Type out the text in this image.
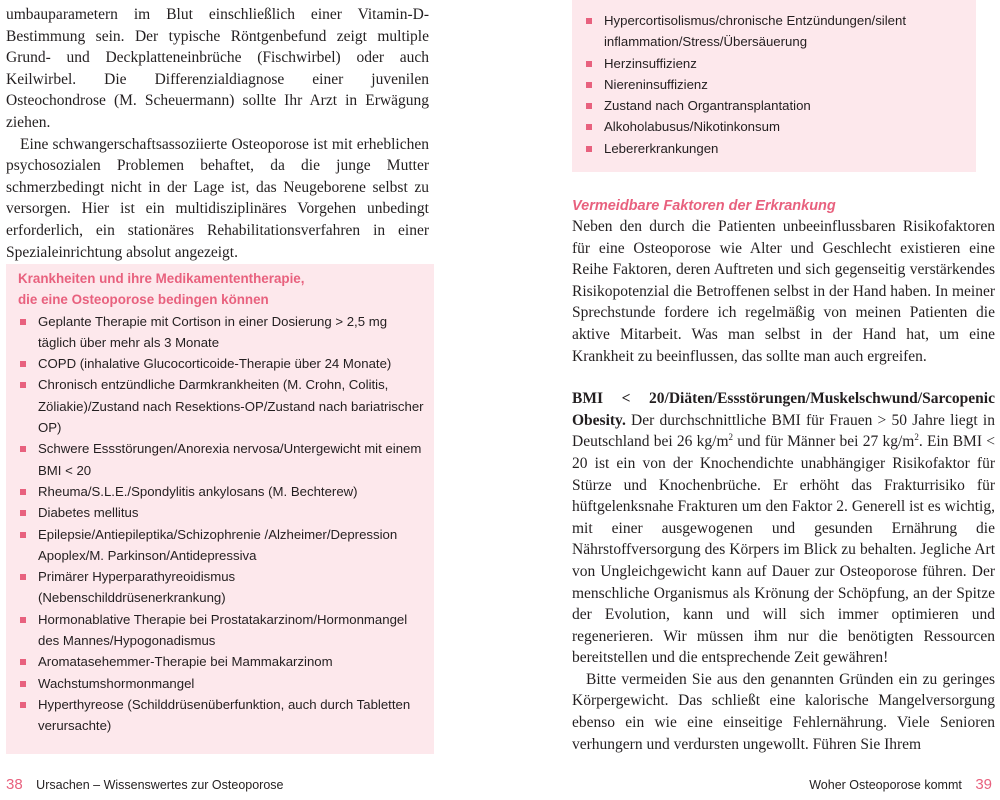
umbauparametern im Blut einschließlich einer Vitamin-D-Bestimmung sein. Der typische Röntgenbefund zeigt multiple Grund- und Deckplatteneinbrüche (Fischwirbel) oder auch Keilwirbel. Die Differenzialdiagnose einer juvenilen Osteochondrose (M. Scheuermann) sollte Ihr Arzt in Erwägung ziehen.

Eine schwangerschaftsassoziierte Osteoporose ist mit erheblichen psychosozialen Problemen behaftet, da die junge Mutter schmerzbedingt nicht in der Lage ist, das Neugeborene selbst zu versorgen. Hier ist ein multidisziplinäres Vorgehen unbedingt erforderlich, ein stationäres Rehabilitationsverfahren in einer Spezialeinrichtung absolut angezeigt.

Krankheiten und ihre Medikamententherapie,
die eine Osteoporose bedingen können
Geplante Therapie mit Cortison in einer Dosierung > 2,5 mg täglich über mehr als 3 Monate
COPD (inhalative Glucocorticoide-Therapie über 24 Monate)
Chronisch entzündliche Darmkrankheiten (M. Crohn, Colitis, Zöliakie)/Zustand nach Resektions-OP/Zustand nach bariatrischer OP)
Schwere Essstörungen/Anorexia nervosa/Untergewicht mit einem BMI < 20
Rheuma/S.L.E./Spondylitis ankylosans (M. Bechterew)
Diabetes mellitus
Epilepsie/Antiepileptika/Schizophrenie /Alzheimer/Depression Apoplex/M. Parkinson/Antidepressiva
Primärer Hyperparathyreoidismus (Nebenschilddrüsenerkrankung)
Hormonablative Therapie bei Prostatakarzinom/Hormonmangel des Mannes/Hypogonadismus
Aromatasehemmer-Therapie bei Mammakarzinom
Wachstumshormonmangel
Hyperthyreose (Schilddrüsenüberfunktion, auch durch Tabletten verursachte)
38 Ursachen – Wissenswertes zur Osteoporose
Hypercortisolismus/chronische Entzündungen/silent inflammation/Stress/Übersäuerung
Herzinsuffizienz
Niereninsuffizienz
Zustand nach Organtransplantation
Alkoholabusus/Nikotinkonsum
Lebererkrankungen
Vermeidbare Faktoren der Erkrankung

Neben den durch die Patienten unbeeinflussbaren Risikofaktoren für eine Osteoporose wie Alter und Geschlecht existieren eine Reihe Faktoren, deren Auftreten und sich gegenseitig verstärkendes Risikopotenzial die Betroffenen selbst in der Hand haben. In meiner Sprechstunde fordere ich regelmäßig von meinen Patienten die aktive Mitarbeit. Was man selbst in der Hand hat, um eine Krankheit zu beeinflussen, das sollte man auch ergreifen.

BMI < 20/Diäten/Essstörungen/Muskelschwund/Sarcopenic Obesity. Der durchschnittliche BMI für Frauen > 50 Jahre liegt in Deutschland bei 26 $kg/m^2$ und für Männer bei 27 $kg/m^2$. Ein BMI < 20 ist ein von der Knochendichte unabhängiger Risikofaktor für Stürze und Knochenbrüche. Er erhöht das Frakturrisiko für hüftgelenksnahe Frakturen um den Faktor 2. Generell ist es wichtig, mit einer ausgewogenen und gesunden Ernährung die Nährstoffversorgung des Körpers im Blick zu behalten. Jegliche Art von Ungleichgewicht kann auf Dauer zur Osteoporose führen. Der menschliche Organismus als Krönung der Schöpfung, an der Spitze der Evolution, kann und will sich immer optimieren und regenerieren. Wir müssen ihm nur die benötigten Ressourcen bereitstellen und die entsprechende Zeit gewähren!

Bitte vermeiden Sie aus den genannten Gründen ein zu geringes Körpergewicht. Das schließt eine kalorische Mangelversorgung ebenso ein wie eine einseitige Fehlernährung. Viele Senioren verhungern und verdursten ungewollt. Führen Sie Ihrem

Woher Osteoporose kommt 39
